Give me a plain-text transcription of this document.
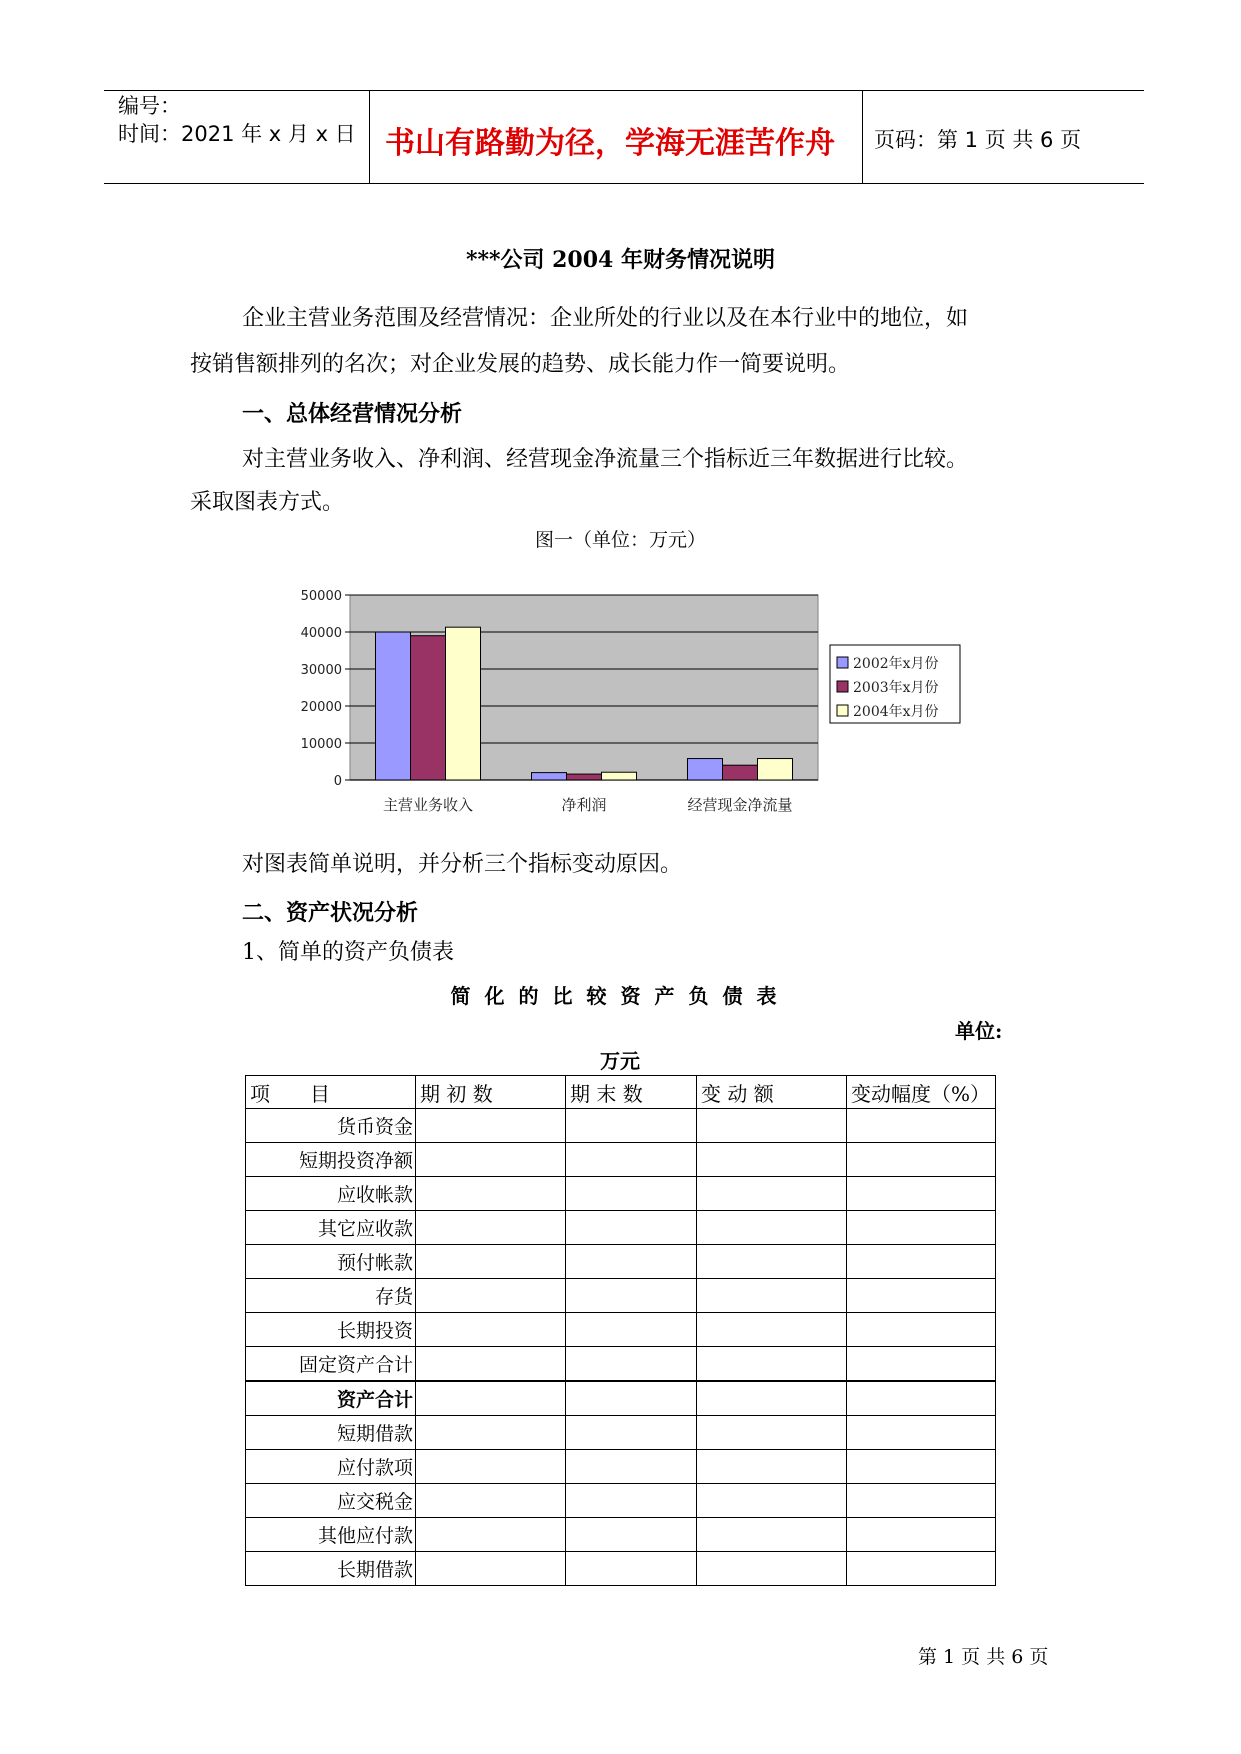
编号：
时间：2021 年 x 月 x 日 书山有路勤为径，学海无涯苦作舟	页码：第 1 页 共 6 页
***公司 2004 年财务情况说明
企业主营业务范围及经营情况：企业所处的行业以及在本行业中的地位，如
按销售额排列的名次；对企业发展的趋势、成长能力作一简要说明。
一、总体经营情况分析
对主营业务收入、净利润、经营现金净流量三个指标近三年数据进行比较。
采取图表方式。
图一（单位：万元）
0
10000
20000
30000
40000
50000
主营业务收入	净利润	经营现金净流量
2002年x月份
2003年x月份
2004年x月份
对图表简单说明，并分析三个指标变动原因。
二、资产状况分析
1、简单的资产负债表
简化的比较资产负债表
单位:
万元
项　　目	期 初 数	期 末 数	变 动 额	变动幅度（%）
货币资金				
短期投资净额				
应收帐款				
其它应收款				
预付帐款				
存货				
长期投资				
固定资产合计				
资产合计				
短期借款				
应付款项				
应交税金				
其他应付款				
长期借款				
第 1 页 共 6 页
